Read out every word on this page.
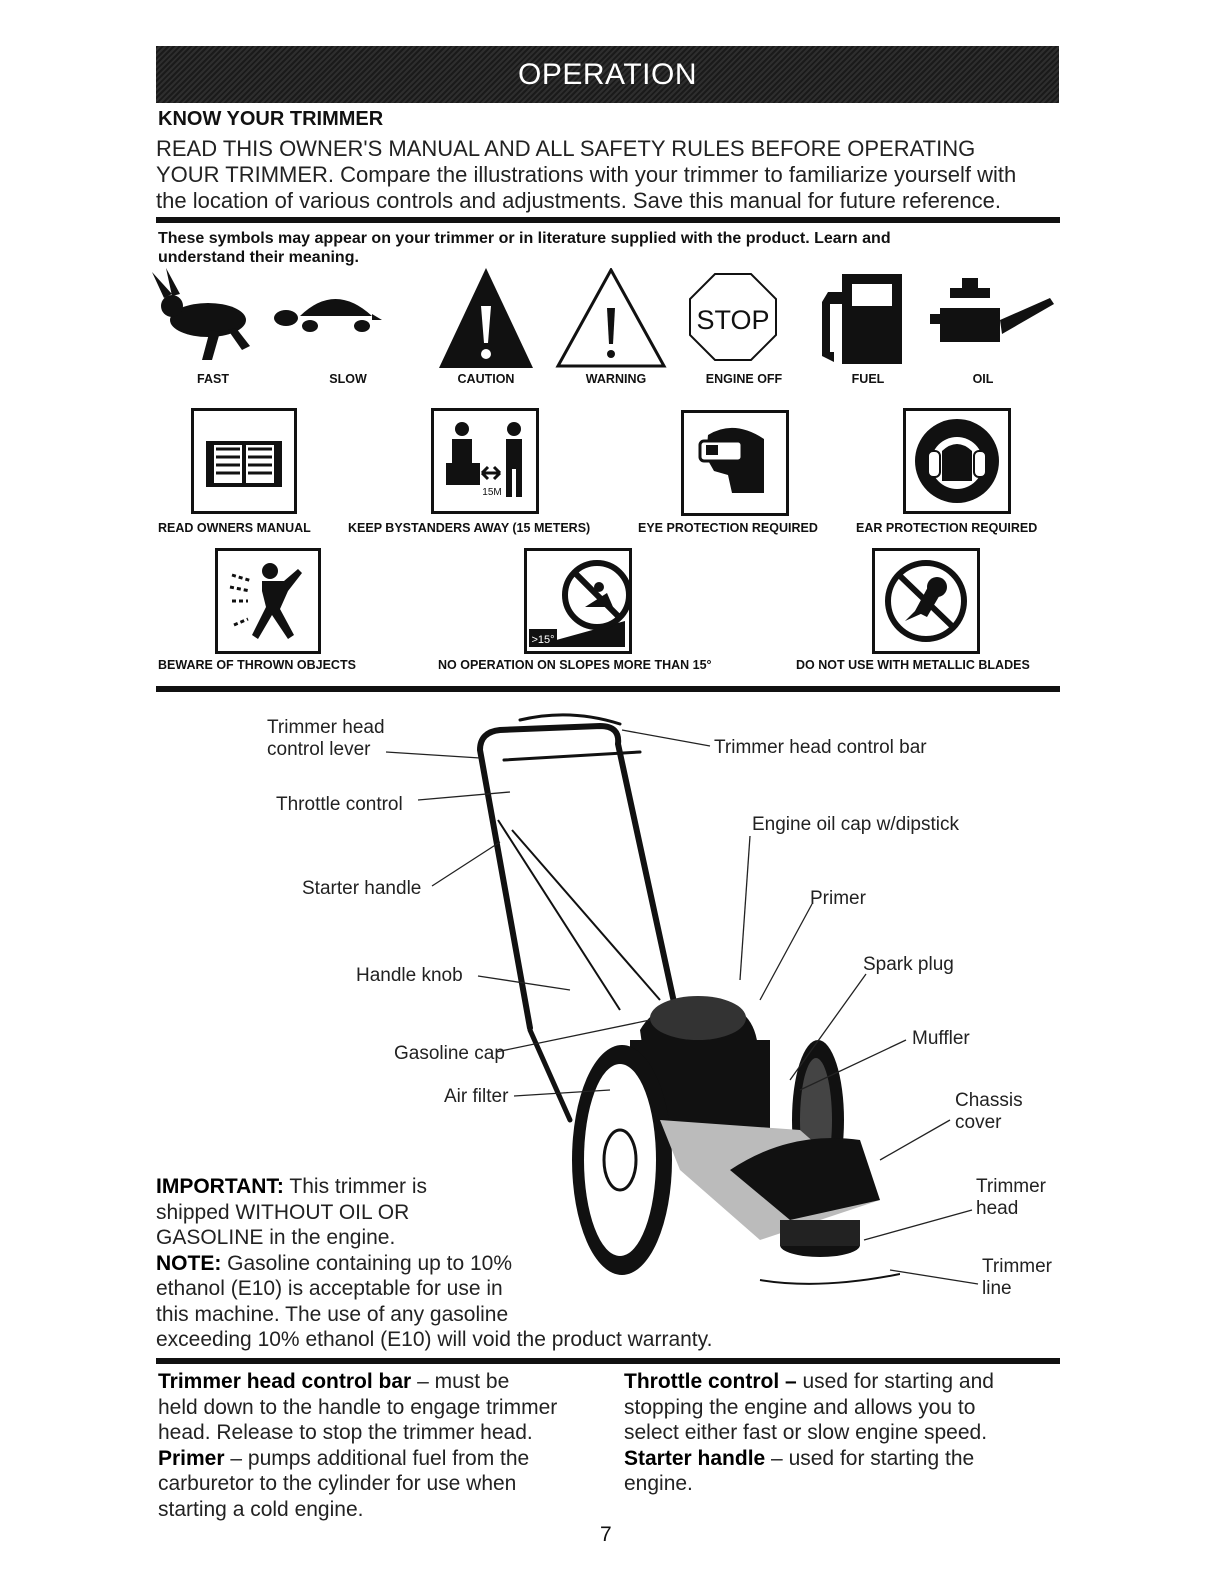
OPERATION
KNOW YOUR TRIMMER
READ THIS OWNER'S MANUAL AND ALL SAFETY RULES BEFORE OPERATING
YOUR TRIMMER. Compare the illustrations with your trimmer to familiarize yourself with
the location of various controls and adjustments. Save this manual for future reference.
These symbols may appear on your trimmer or in literature supplied with the product. Learn and
understand their meaning.
STOP
FAST	SLOW	CAUTION	WARNING	ENGINE OFF	FUEL	OIL
15M
READ OWNERS MANUAL	KEEP BYSTANDERS AWAY (15 METERS)	EYE PROTECTION REQUIRED	EAR PROTECTION REQUIRED
>15°
BEWARE OF THROWN OBJECTS	NO OPERATION ON SLOPES MORE THAN 15°	DO NOT USE WITH METALLIC BLADES
Trimmer head
control lever	Trimmer head control bar
Throttle control
Engine oil cap w/dipstick
Starter handle	Primer
Spark plug
Handle knob
Muffler
Gasoline cap
Air filter	Chassis
cover
Trimmer
head
Trimmer
line
IMPORTANT: This trimmer is
shipped WITHOUT OIL OR
GASOLINE in the engine.
NOTE: Gasoline containing up to 10%
ethanol (E10) is acceptable for use in
this machine. The use of any gasoline
exceeding 10% ethanol (E10) will void the product warranty.
Trimmer head control bar – must be
held down to the handle to engage trimmer
head. Release to stop the trimmer head.
Primer – pumps additional fuel from the
carburetor to the cylinder for use when
starting a cold engine.
Throttle control – used for starting and
stopping the engine and allows you to
select either fast or slow engine speed.
Starter handle – used for starting the
engine.
7
